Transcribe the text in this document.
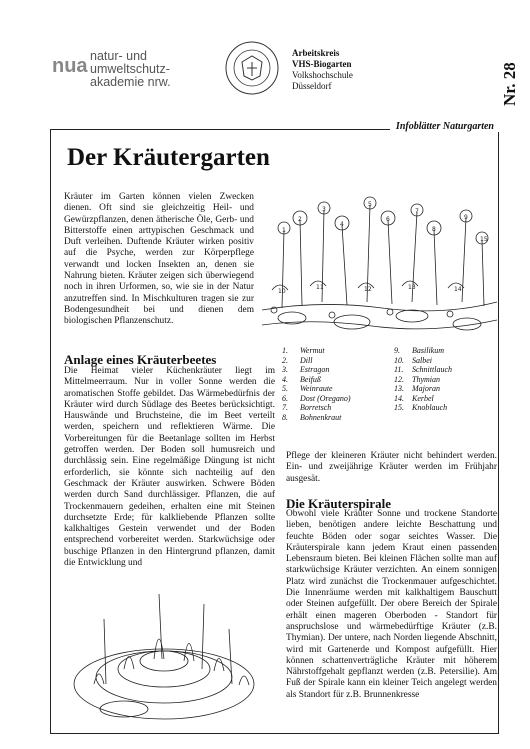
nua natur- und
umweltschutz-
akademie nrw.
Arbeitskreis
VHS-Biogarten
Volkshochschule
Düsseldorf	Nr. 28
Infoblätter Naturgarten
Der Kräutergarten
Kräuter im Garten können vielen Zwecken dienen. Oft sind sie gleichzeitig Heil- und Gewürzpflanzen, denen ätherische Öle, Gerb- und Bitterstoffe einen arttypischen Geschmack und Duft verleihen. Duftende Kräuter wirken positiv auf die Psyche, werden zur Körperpflege verwandt und locken Insekten an, denen sie Nahrung bieten. Kräuter zeigen sich überwiegend noch in ihren Urformen, so, wie sie in der Natur anzutreffen sind. In Mischkulturen tragen sie zur Bodengesundheit bei und dienen dem biologischen Pflanzenschutz.
1
2
3
4
5
6
7
8
9
10
11	12	13	14
15
1.	Wermut
2.	Dill
3.	Estragon
4.	Beifuß
5.	Weinraute
6.	Dost (Oregano)
7.	Borretsch
8.	Bohnenkraut
9.	Basilikum
10.	Salbei
11.	Schnittlauch
12.	Thymian
13.	Majoran
14.	Kerbel
15.	Knoblauch
Anlage eines Kräuterbeetes
Die Heimat vieler Küchenkräuter liegt im Mittelmeerraum. Nur in voller Sonne werden die aromatischen Stoffe gebildet. Das Wärmebedürfnis der Kräuter wird durch Südlage des Beetes berücksichtigt. Hauswände und Bruchsteine, die im Beet verteilt werden, speichern und reflektieren Wärme. Die Vorbereitungen für die Beetanlage sollten im Herbst getroffen werden. Der Boden soll humusreich und durchlässig sein. Eine regelmäßige Düngung ist nicht erforderlich, sie könnte sich nachteilig auf den Geschmack der Kräuter auswirken. Schwere Böden werden durch Sand durchlässiger. Pflanzen, die auf Trockenmauern gedeihen, erhalten eine mit Steinen durchsetzte Erde; für kalkliebende Pflanzen sollte kalkhaltiges Gestein verwendet und der Boden entsprechend vorbereitet werden. Starkwüchsige oder buschige Pflanzen in den Hintergrund pflanzen, damit die Entwicklung und
Pflege der kleineren Kräuter nicht behindert werden. Ein- und zweijährige Kräuter werden im Frühjahr ausgesät.
Die Kräuterspirale
Obwohl viele Kräuter Sonne und trockene Standorte lieben, benötigen andere leichte Beschattung und feuchte Böden oder sogar seichtes Wasser. Die Kräuterspirale kann jedem Kraut einen passenden Lebensraum bieten. Bei kleinen Flächen sollte man auf starkwüchsige Kräuter verzichten. An einem sonnigen Platz wird zunächst die Trockenmauer aufgeschichtet. Die Innenräume werden mit kalkhaltigem Bauschutt oder Steinen aufgefüllt. Der obere Bereich der Spirale erhält einen mageren Oberboden - Standort für anspruchslose und wärmebedürftige Kräuter (z.B. Thymian). Der untere, nach Norden liegende Abschnitt, wird mit Gartenerde und Kompost aufgefüllt. Hier können schattenverträgliche Kräuter mit höherem Nährstoffgehalt gepflanzt werden (z.B. Petersilie). Am Fuß der Spirale kann ein kleiner Teich angelegt werden als Standort für z.B. Brunnenkresse
